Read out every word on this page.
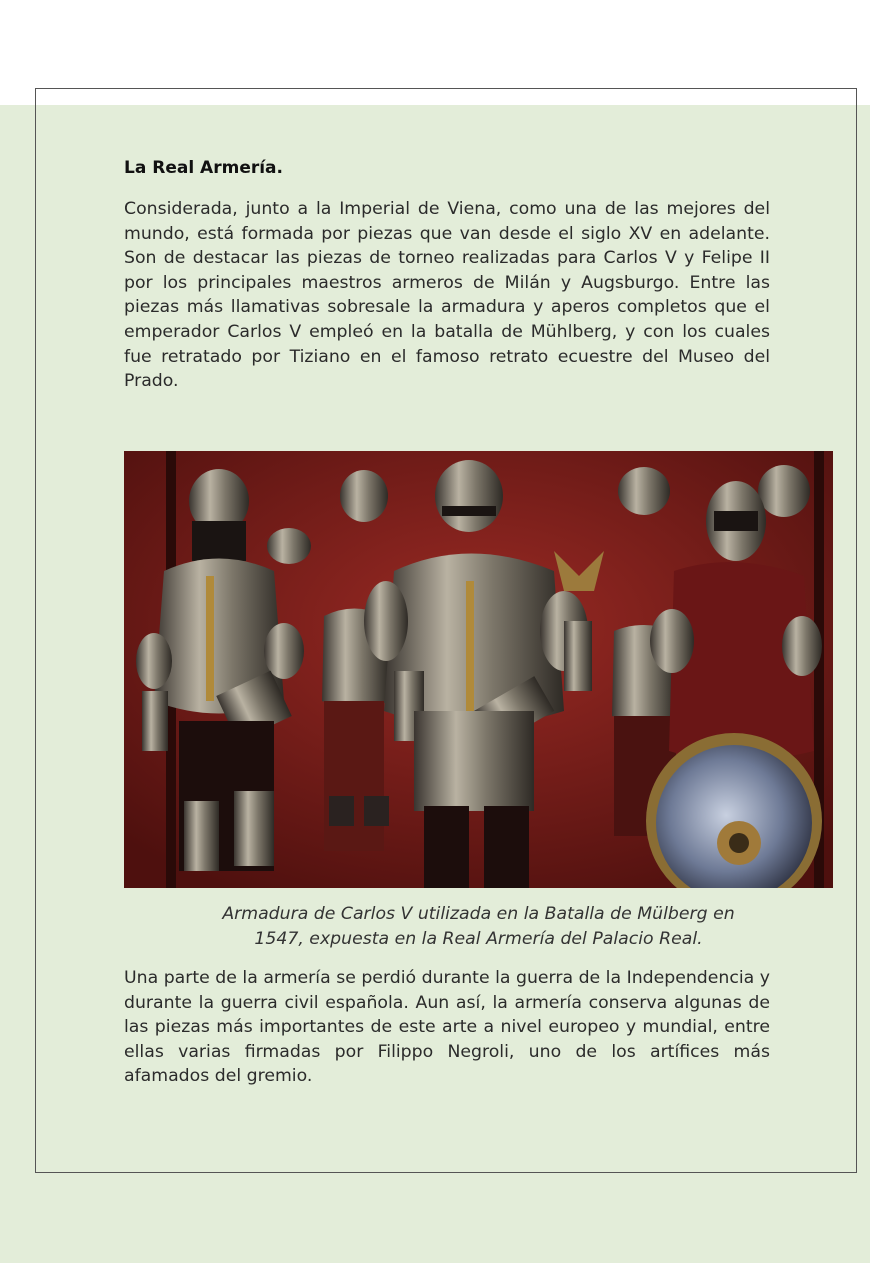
La Real Armería.

Considerada, junto a la Imperial de Viena, como una de las mejores del mundo, está formada por piezas que van desde el siglo XV en adelante. Son de destacar las piezas de torneo realizadas para Carlos V y Felipe II por los principales maestros armeros de Milán y Augsburgo. Entre las piezas más llamativas sobresale la armadura y aperos completos que el emperador Carlos V empleó en la batalla de Mühlberg, y con los cuales fue retratado por Tiziano en el famoso retrato ecuestre del Museo del Prado.

Armadura de Carlos V utilizada en la Batalla de Mülberg en
1547, expuesta en la Real Armería del Palacio Real.

Una parte de la armería se perdió durante la guerra de la Independencia y durante la guerra civil española. Aun así, la armería conserva algunas de las piezas más importantes de este arte a nivel europeo y mundial, entre ellas varias firmadas por Filippo Negroli, uno de los artífices más afamados del gremio.
